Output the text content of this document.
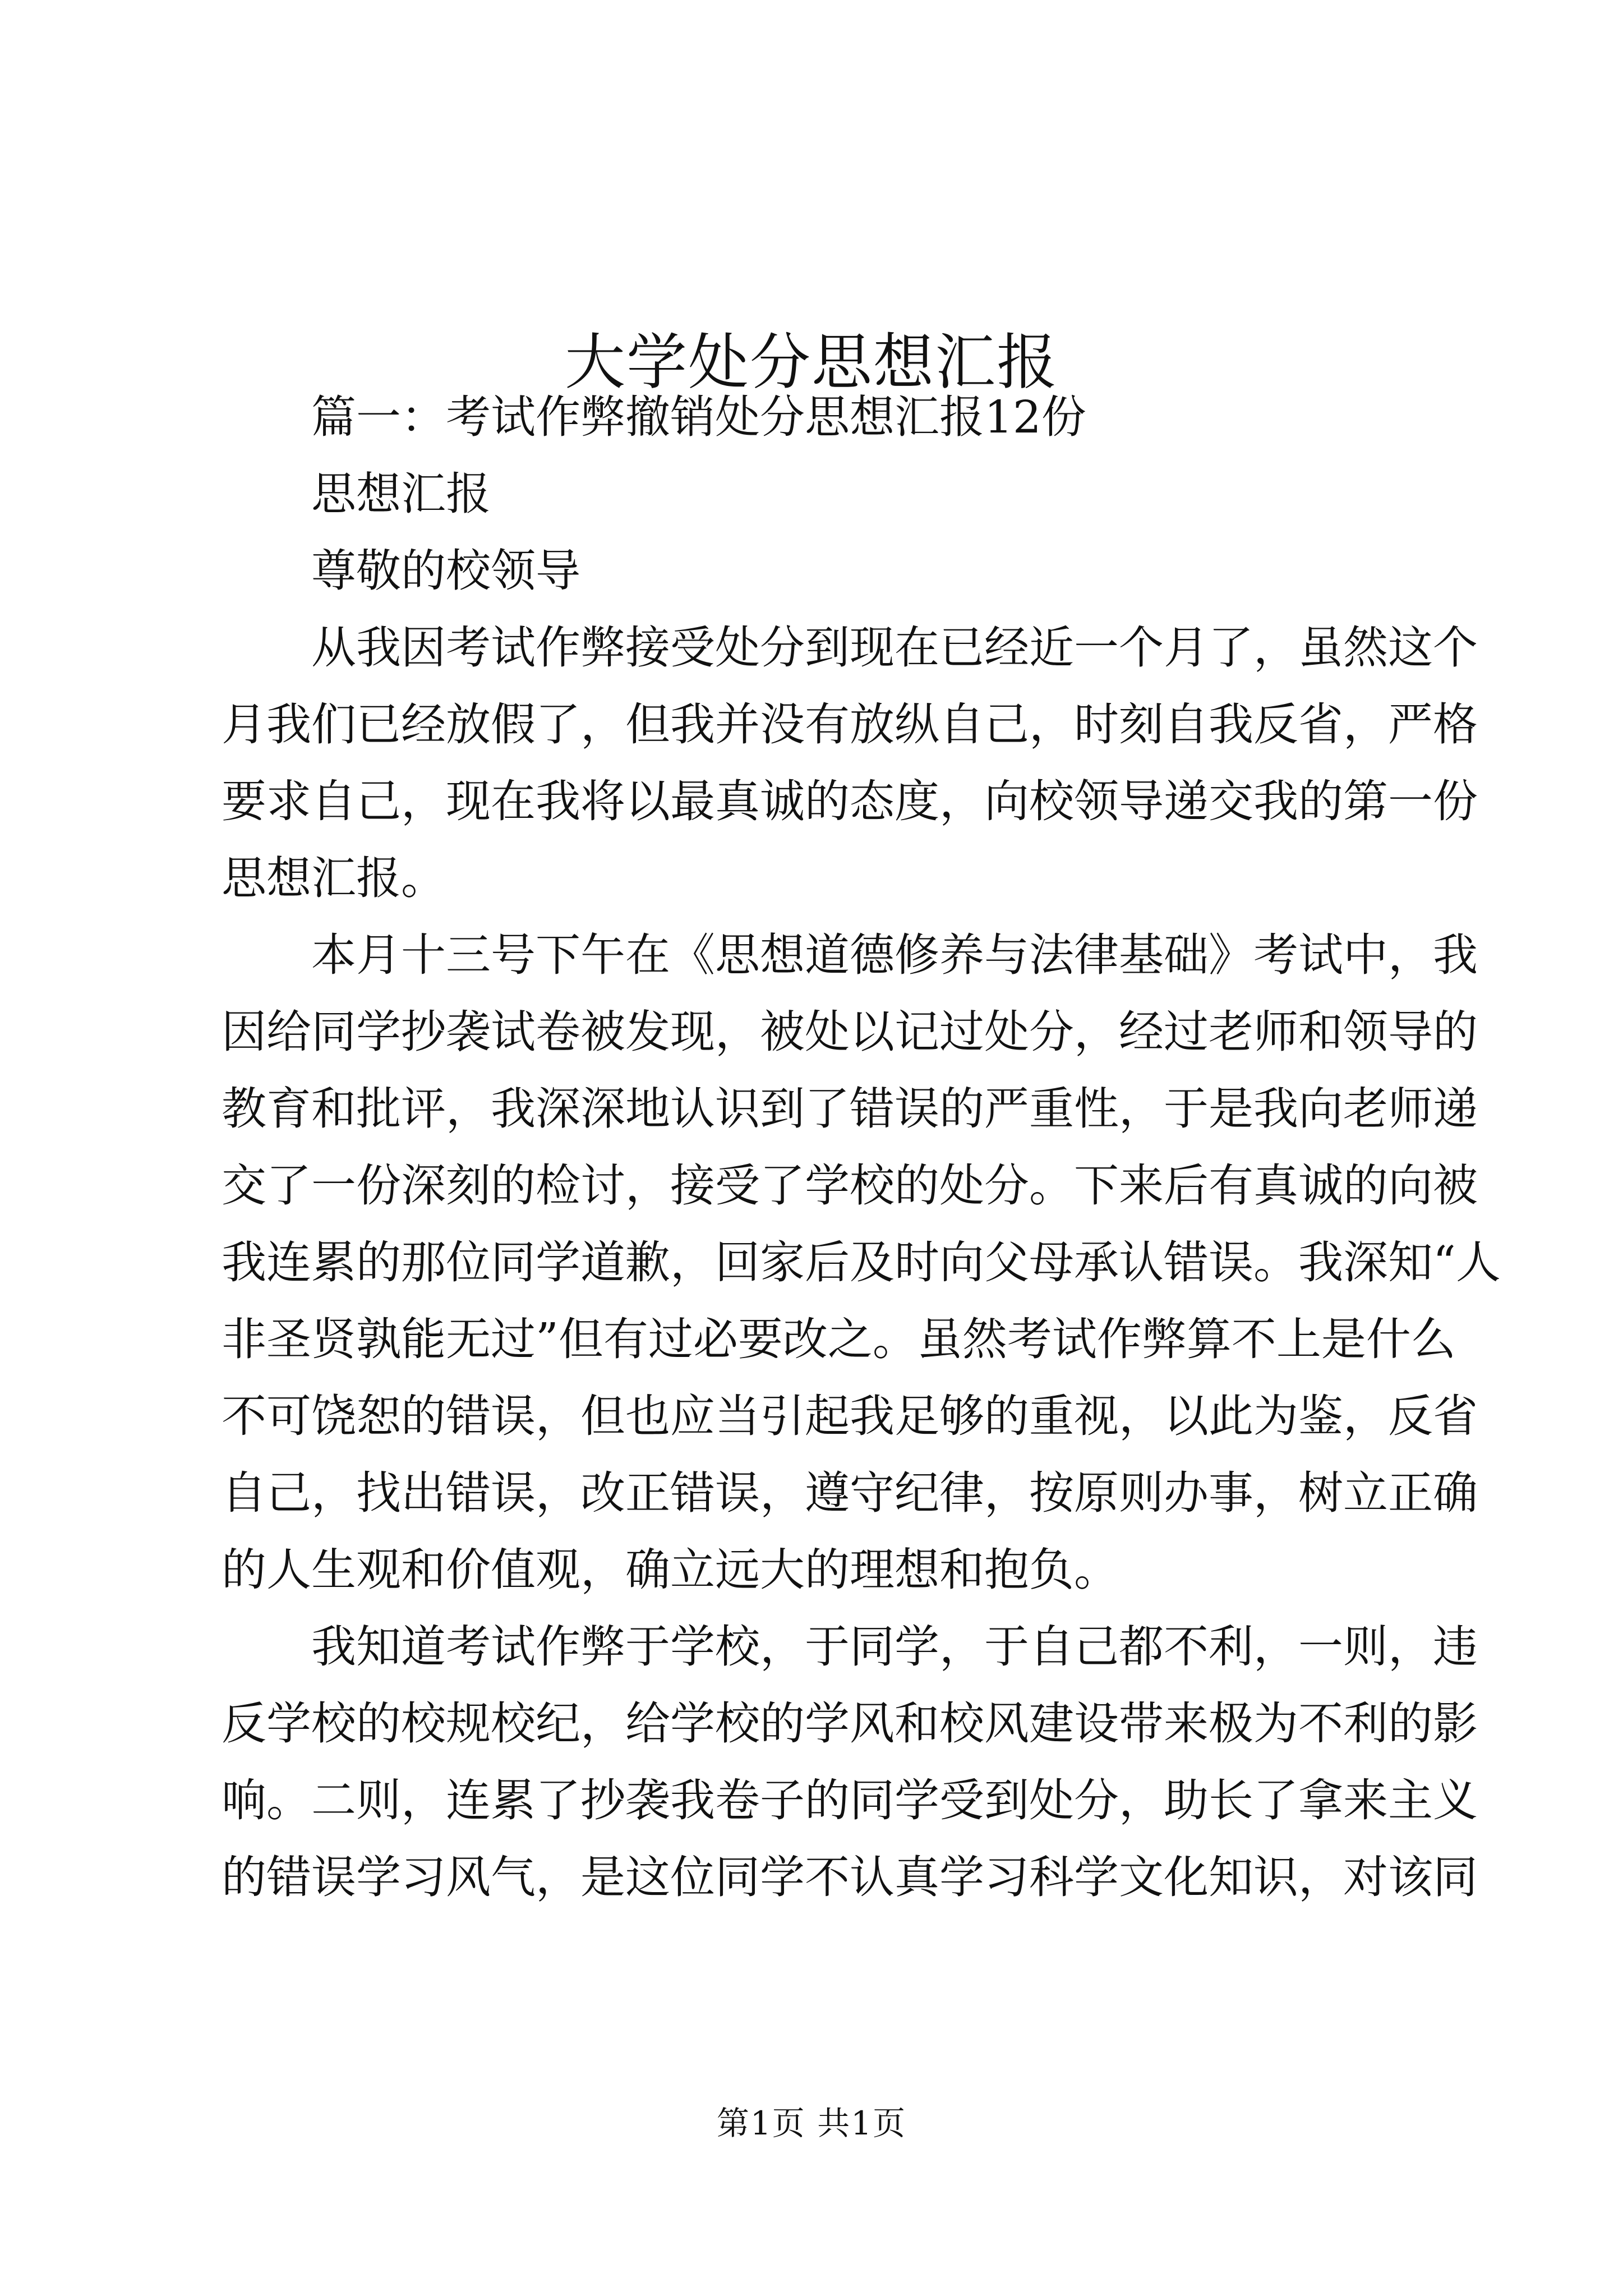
大学处分思想汇报
篇一：考试作弊撤销处分思想汇报12份
思想汇报
尊敬的校领导
从我因考试作弊接受处分到现在已经近一个月了，虽然这个
月我们已经放假了，但我并没有放纵自己，时刻自我反省，严格
要求自己，现在我将以最真诚的态度，向校领导递交我的第一份
思想汇报。
本月十三号下午在《思想道德修养与法律基础》考试中，我
因给同学抄袭试卷被发现，被处以记过处分，经过老师和领导的
教育和批评，我深深地认识到了错误的严重性，于是我向老师递
交了一份深刻的检讨，接受了学校的处分。下来后有真诚的向被
我连累的那位同学道歉，回家后及时向父母承认错误。我深知“人
非圣贤孰能无过”但有过必要改之。虽然考试作弊算不上是什么
不可饶恕的错误，但也应当引起我足够的重视，以此为鉴，反省
自己，找出错误，改正错误，遵守纪律，按原则办事，树立正确
的人生观和价值观，确立远大的理想和抱负。
我知道考试作弊于学校，于同学，于自己都不利，一则，违
反学校的校规校纪，给学校的学风和校风建设带来极为不利的影
响。二则，连累了抄袭我卷子的同学受到处分，助长了拿来主义
的错误学习风气，是这位同学不认真学习科学文化知识，对该同
第1页 共1页
